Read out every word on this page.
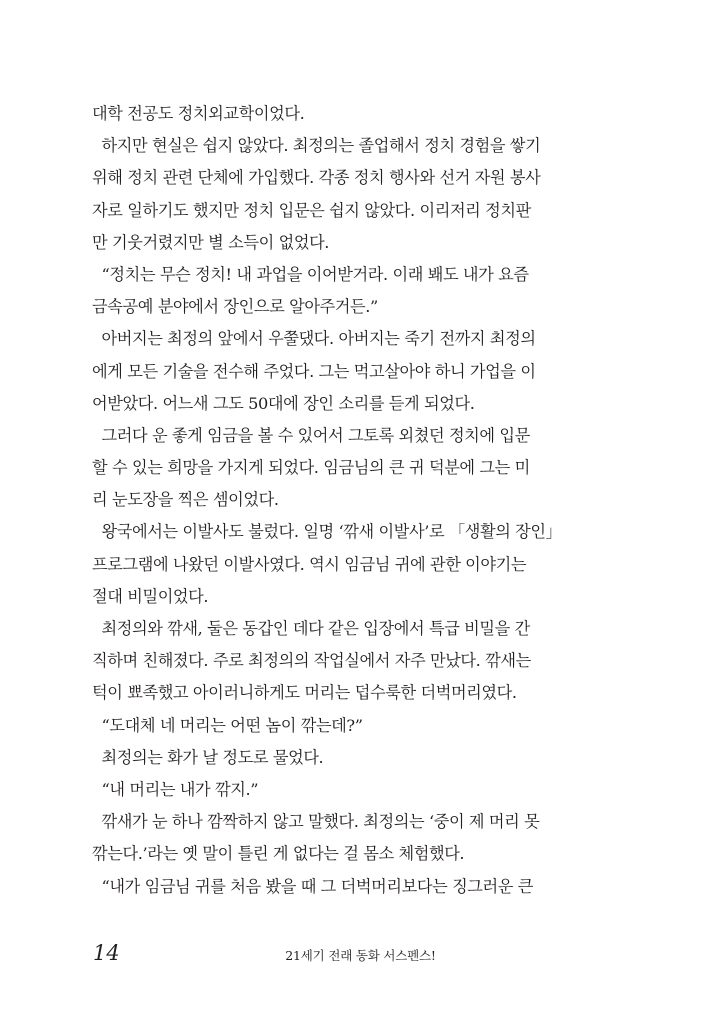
대학 전공도 정치외교학이었다.
하지만 현실은 쉽지 않았다. 최정의는 졸업해서 정치 경험을 쌓기
위해 정치 관련 단체에 가입했다. 각종 정치 행사와 선거 자원 봉사
자로 일하기도 했지만 정치 입문은 쉽지 않았다. 이리저리 정치판
만 기웃거렸지만 별 소득이 없었다.
“정치는 무슨 정치! 내 과업을 이어받거라. 이래 봬도 내가 요즘
금속공예 분야에서 장인으로 알아주거든.”
아버지는 최정의 앞에서 우쭐댔다. 아버지는 죽기 전까지 최정의
에게 모든 기술을 전수해 주었다. 그는 먹고살아야 하니 가업을 이
어받았다. 어느새 그도 50대에 장인 소리를 듣게 되었다.
그러다 운 좋게 임금을 볼 수 있어서 그토록 외쳤던 정치에 입문
할 수 있는 희망을 가지게 되었다. 임금님의 큰 귀 덕분에 그는 미
리 눈도장을 찍은 셈이었다.
왕국에서는 이발사도 불렀다. 일명 ‘깎새 이발사’로 「생활의 장인」
프로그램에 나왔던 이발사였다. 역시 임금님 귀에 관한 이야기는
절대 비밀이었다.
최정의와 깎새, 둘은 동갑인 데다 같은 입장에서 특급 비밀을 간
직하며 친해졌다. 주로 최정의의 작업실에서 자주 만났다. 깎새는
턱이 뾰족했고 아이러니하게도 머리는 덥수룩한 더벅머리였다.
“도대체 네 머리는 어떤 놈이 깎는데?”
최정의는 화가 날 정도로 물었다.
“내 머리는 내가 깎지.”
깎새가 눈 하나 깜짝하지 않고 말했다. 최정의는 ‘중이 제 머리 못
깎는다.’라는 옛 말이 틀린 게 없다는 걸 몸소 체험했다.
“내가 임금님 귀를 처음 봤을 때 그 더벅머리보다는 징그러운 큰
14	21세기 전래 동화 서스펜스!
